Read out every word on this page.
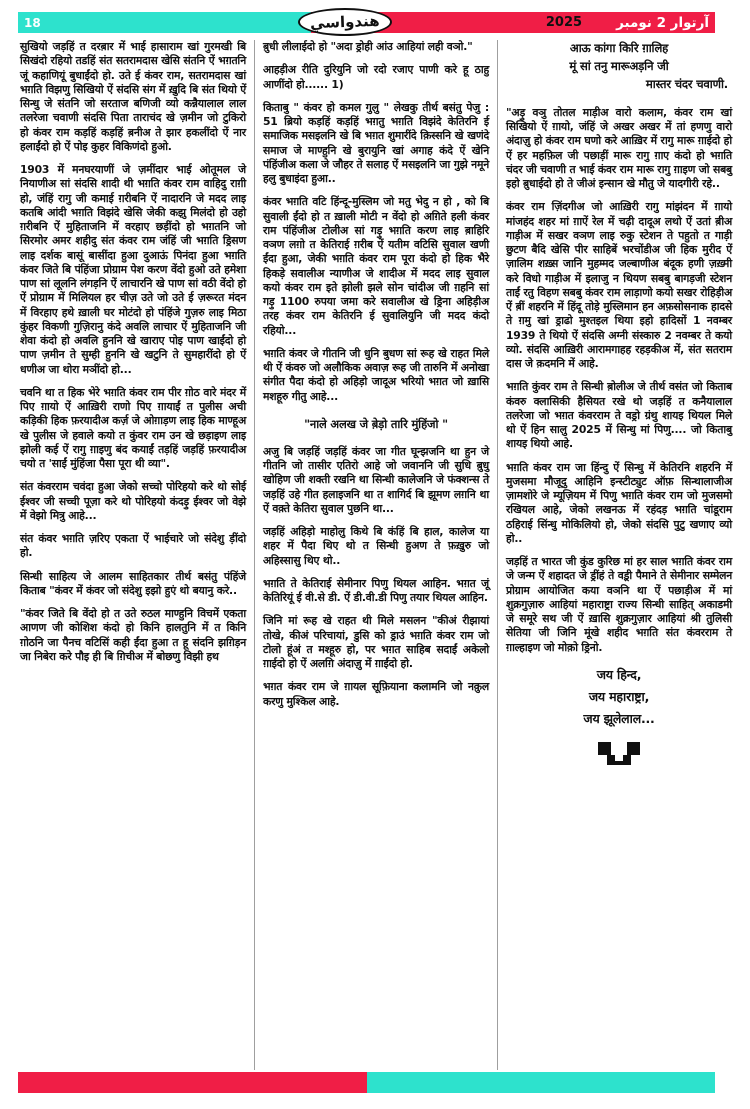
18	2025	آرتوار 2 نومبر
هندواسي

सुखियो जड़हिं त दरब़ार में भाई हासाराम खां गुरमखी बि सिखंदो रहियो तडहिं संत सतरामदास खेसि संतनि ऐं भग़तनि जूं कहाणियूं बुधाईंदो हो. उते ई कंवर राम, सतरामदास खां भग़ति विझणु सिखियो ऐं संदसि संग में ख़ुदि बि संत थियो ऐं सिन्धु जे संतनि जो सरताज बणिजी व्यो कन्नैयालाल लाल तलरेजा चवाणी संदसि पिता ताराचंद खे ज़मीन जो टुकिरो हो कंवर राम कड़हिं कड़हिं ब़नीअ ते झार हकलींदो ऐं नार हलाईंदो हो ऐं पोइ कुहर विकिणंदो हुओ.

1903 में मनघरयाणीं जे ज़मींदार भाई ओतूमल जे नियाणीअ सां संदसि शादी थी भग़ति कंवर राम वाहिदु राग़ी हो, जंहिं रागु जी कमाई ग़रीबनि ऐं नादारनि जे मदद लाइ कतबि आंदी भग़ति विझंदे खेसि जेकी कझु मिलंदो हो उहो ग़रीबनि ऐं मुहिताजनि में वरहाए छड़ींदो हो भग़तनि जो सिरमोर अमर शहीदु संत कंवर राम जंहिं जी भग़ति ड्रिसण लाइ दर्शक बासूं बासींदा हुआ दुआऊं पिनंदा हुआ भग़ति कंवर जिते बि पंहिंजा प्रोग्राम पेश करण वेंदो हुओ उते हमेशा पाण सां लूलनि लंगड़नि ऐं लाचारनि खे पाण सां वठी वेंदो हो ऐं प्रोग्राम में मिलियल हर चीज़ उते जो उते ई ज़रूरत मंदन में विरहाए हथे ख़ाली घर मोटंदो हो पंहिंजे गुज़रु लाइ मिठा कुंहर विकणी गुज़िरानु कंदे अवलि लाचार ऐं मुहिताजनि जी शेवा कंदो हो अवलि हुननि खे खाराए पोइ पाण खाईंदो हो पाण ज़मीन ते सुम्ही हुननि खे खटुनि ते सुमहारींदो हो ऐं धणीअ जा थोरा मञींदो हो...

चवनि था त हिक भेरे भग़ति कंवर राम पीर ग़ोठ वारे मंदर में पिए ग़ायो ऐं आख़िरी राणो पिए ग़ायाईं त पुलीस अची कड़िकी हिक फ़रयादीअ कर्ज़ जे ओग़ाड़ण लाइ हिक माण्हूअ खे पुलीस जे हवाले कयो त कुंवर राम उन खे छड़ाइण लाइ झोली कई ऐं रागु ग़ाइणु बंद कयाईं तड़हिं जड़हिं फ़रयादीअ चयो त 'साईं मुंहिंजा पैसा पूरा थी व्या".

संत कंवरराम चवंदा हुआ जेको सच्चो पोरिहयो करे थो सोई ईश्वर जी सच्ची पूज़ा करे थो पोरिहयो कंदड़ु ईश्वर जो वेझे में वेझो मित्रु आहे...

संत कंवर भग़ति ज़रिए एकता ऐं भाईचारे जो संदेशु ड़ींदो हो.

सिन्धी साहित्य जे आलम साहितकार तीर्थ बसंतु पंहिंजे किताब "कंवर में कंवर जो संदेशु इझो हुएं थो बयानु करे..

"कंवर जिते बि वेंदो हो त उते रुठल माण्हुनि विचमें एकता आणण जी कोशिश कंदो हो किनि हालतुनि में त किनि ग़ोठनि जा पैनच वटिसिं कही ईंदा हुआ त हू संदनि झग़िड़न जा निबेरा करे पौइ ही बि ग़िचीअ में बोछणु विझी हथ

ब़ुधी लीलाईदो हो "अदा ड्रोही आंउ आहियां लही वञो."

आहड़ीअ रीति दुरियुनि जो रदो रजाए पाणी करे हू ठाहु आणींदो हो...... 1)

किताबु " कंवर हो कमल गुलु " लेखकु तीर्थ बसंतु पेजु : 51 ब्रियो कड़हिं कड़हिं भग़तु भग़ति विझंदे केतिरनि ई समाजिक मसइलनि खे बि भग़त शुमारींदे क़िस्सनि खे खणंदे समाज जे माण्हुनि खे बुरायुनि खां अगाह कंदे ऐं खेनि पंहिंजीअ कला जे जौहर ते सलाह ऐं मसइलनि जा गुझे नमूने हलु बुधाइंदा हुआ..

कंवर भग़ति वटि हिंन्दू-मुस्लिम जो मतु भेदु न हो , को बि सुवाली ईंदो हो त ख़ाली मोटी न वेंदो हो अग़िते हली कंवर राम पंहिंजीअ टोलीअ सां गड़ु भग़ति करण लाइ ब़ाहिरि वञण लग़ो त केतिराई ग़रीब ऐं यतीम वटिसि सुवाल खणी ईंदा हुआ, जेकी भग़ति कंवर राम पूरा कंदो हो हिक भैरे हिकड़े सवालीअ न्याणीअ जे शादीअ में मदद लाइ सुवाल कयो कंवर राम इते झोली झले सोन चांदीअ जी ग़हनि सां गड़ु 1100 रुपया जमा करे सवालीअ खे ड्रिना अहिड़ीअ तरह कंवर राम केतिरनि ई सुवालियुनि जी मदद कंदो रहियो...

भग़ति कंवर जे गीतनि जी धुनि बुधण सां रूह खे राहत मिले थी ऐं कंवरु जो अलौकिक अवाज़ रूह जी तारुनि में अनोखा संगीत पैदा कंदो हो अहिड़ो जादूअ भरियो भग़त जो ख़ासि मशहूरु गीतु आहे...

"नाले अलख जे ब़ेड़ो तारि मुंहिंजो "

अजु बि जड़हिं जड़हिं कंवर जा गीत घून्झजनि था हुन जे गीतनि जो तासीर एतिरो आहे जो जवाननि जी सुधि ब़ुधु खोहिण जी शक्ती रखनि था सिन्धी कालेजनि जे फंक्शन्स ते जड़हिं उहे गीत हलाइजनि था त शागिर्द बि झूमण लग़नि था ऐं वक़्ते केतिरा सुवाल पुछनि था...

जड़हिं अहिड़ो माहोलु किथे बि कंहिं बि हाल, कालेज या शहर में पैदा थिए थो त सिन्धी हुअण ते फ़ख़ुरु जो अहिस्सासु थिए थो..

भग़ति ते केतिराई सेमीनार पिणु थियल आहिन. भग़त जूं केतिरियूं ई वी.से डी. ऐं डी.वी.डी पिणु तयार थियल आहिन.

जिनि मां रूह खे राहत थी मिले मसलन "कीअं रीझायां तोखे, कीअं परिचायां, डुसि को ड्राउं भग़ति कंवर राम जो टोलो हूंअं त मश्हूरु हो, पर भग़त साहिब सदाईं अकेलो ग़ाईदो हो ऐं अलग़ि अंदाज़ु में ग़ाईंदो हो.

भग़त कंवर राम जे ग़ायल सूफ़ियाना कलामनि जो नक़ुल करणु मुश्किल आहे.

आऊ कांगा किरि ग़ालिह
मूं सां तनु मारूअड़नि जी
मास्तर चंदर चवाणी.

"अड़ु वञु तोतल माड़ीअ वारो कलाम, कंवर राम खां सिखियो ऐं ग़ायो, जंहिं जे अखर अखर में तां हणणु वारो अंदाज़ु हो कंवर राम घणो करे आख़िर में रागु मारू ग़ाईदो हो ऐं हर महफ़िल जी पछाड़ीं मारू रागु ग़ाए कंदो हो भग़ति चंदर जी चवाणी त भाई कंवर राम मारू रागु ग़ाइण जो सबबु इहो ब़ुधाईदो हो ते जीअं इन्सान खे मौतु जे यादगीरी रहे..

कंवर राम ज़िंदगीअ जो आख़िरी रागु मांझंदन में ग़ायो मांजहंद शहर मां ग़ाऐं रेल में चढ़ी दादूअ लथो ऐं उतां ब़ीअ गाड़ीअ में सखर वञण लाइ रुकु स्टेशन ते पहुतो त गाड़ी छुटण बैदि खेसि पीर साहिबें भरचोंडीअ जी हिक मुरीद ऐं ज़ालिम शख़्स जानि मुहम्मद जल्बाणीअ बंदूक हणी ज़ख़्मी करे विधो गाड़ीअ में इलाजु न थियण सबबु बागड़जी स्टेशन ताईं रतु विहण सबबु कंवर राम लाड़ाणो कयो सखर रोहिड़ीअ ऐं ब़ीं शहरनि में हिंदू तोड़े मुस्लिमान हन अफ़सोसनाक हादसे ते ग़मु खां ड्राढो मुश्तइल थिया इहो हादिसों 1 नवम्बर 1939 ते थियो ऐं संदसि अग्नी संस्कारु 2 नवम्बर ते कयो व्यो. संदसि आख़िरी आरामगाहह रहड़कीअ में, संत सतराम दास जे क़दमनि में आहे.

भग़ति कुंवर राम ते सिन्धी ब़ोलीअ जे तीर्थ वसंत जो किताब कंवरु क्लासिकी हैसियत रखे थो जड़हिं त कनैयालाल तलरेजा जो भग़त कंवरराम ते वड्रो ग्रंथु शायइ थियल मिले थो ऐं हिन सालु 2025 में सिन्धु मां पिणु.... जो किताबु शायइ थियो आहे.

भग़ति कंवर राम जा हिंन्दु ऐं सिन्धु में केतिरनि शहरनि में मुजसमा मौजूदु आहिनि इन्स्टीट्युट ऑफ़ सिन्थालाजीअ ज़ामशोरे जे म्यूज़ियम में पिणु भग़ति कंवर राम जो मुजसमो रखियल आहे, जेको लखनऊ में रहंदड़ भग़ति चांडूराम ठहिराई सिंन्धु मोकिलियो हो, जेको संदसि पुटु खणाए व्यो हो..

जड़हिं त भारत जी कुंड कुरिछ मां हर साल भग़ति कंवर राम जे जन्म ऐं शहादत जे ड्रींहं ते वड़्री पैमाने ते सेमीनार सम्मेलन प्रोग्राम आयोजित कया वञनि था ऐं पछाड़ीअ में मां शुक्रगुज़ारु आहियां महाराष्ट्रा राज्य सिन्धी साहित् अकाडमी जे समूरे सथ जी ऐं ख़ासि शुक्रगुज़ार आहियां श्री तुलिसी सेतिया जी जिनि मूंखे शहीद भग़ति संत कंवरराम ते ग़ाल्हाइण जो मोक़ो ड्रिनो.

जय हिन्द,
जय महाराष्ट्रा,
जय झूलेलाल...
